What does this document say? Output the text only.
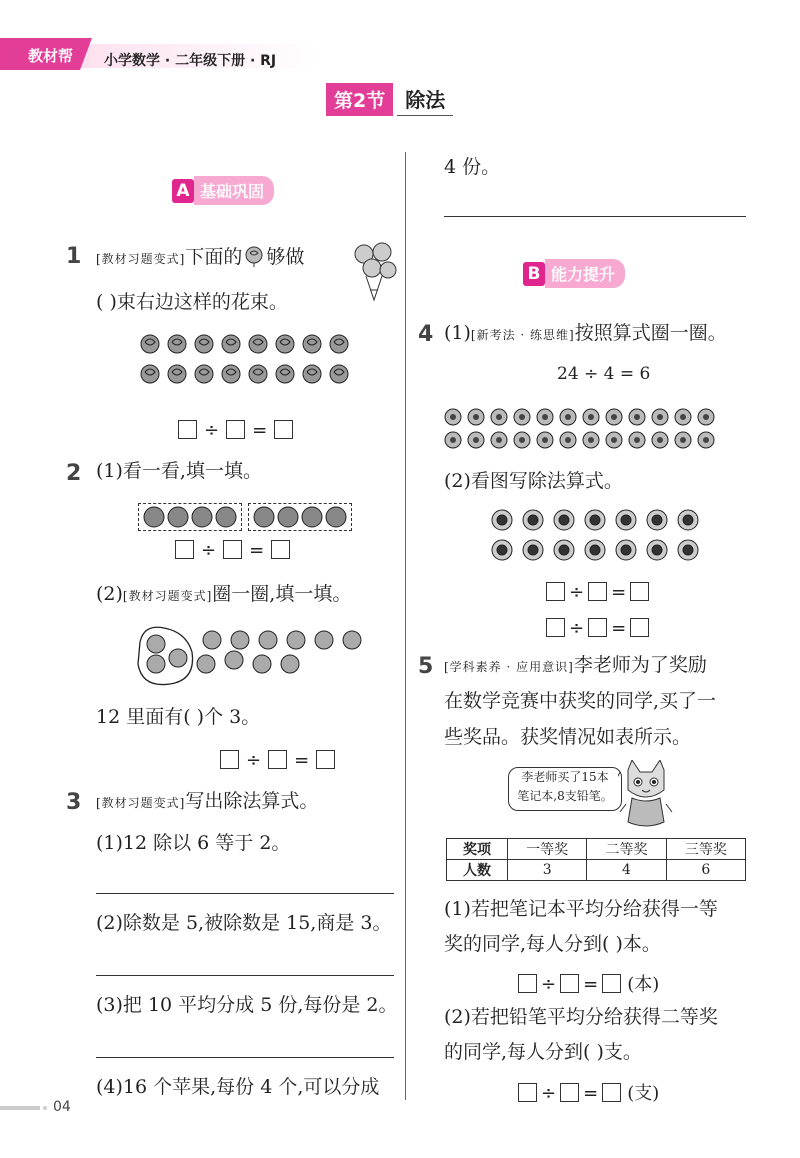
教材帮 小学数学 · 二年级下册 · RJ
第2节	除法
A 基础巩固
1 [教材习题变式]下面的 够做
( )束右边这样的花束。
÷ =
2 (1)看一看,填一填。
÷ =
(2)[教材习题变式]圈一圈,填一填。
12 里面有( )个 3。
÷ =
3 [教材习题变式]写出除法算式。
(1)12 除以 6 等于 2。
(2)除数是 5,被除数是 15,商是 3。
(3)把 10 平均分成 5 份,每份是 2。
(4)16 个苹果,每份 4 个,可以分成
04
4 份。
B 能力提升
4 (1)[新考法 · 练思维]按照算式圈一圈。
24 ÷ 4 = 6
(2)看图写除法算式。
÷ =
÷ =
5 [学科素养 · 应用意识]李老师为了奖励
在数学竞赛中获奖的同学,买了一
些奖品。获奖情况如表所示。
李老师买了15本
笔记本,8支铅笔。
奖项	一等奖	二等奖	三等奖
人数	3	4	6
(1)若把笔记本平均分给获得一等
奖的同学,每人分到( )本。
÷ = (本)
(2)若把铅笔平均分给获得二等奖
的同学,每人分到( )支。
÷ = (支)
